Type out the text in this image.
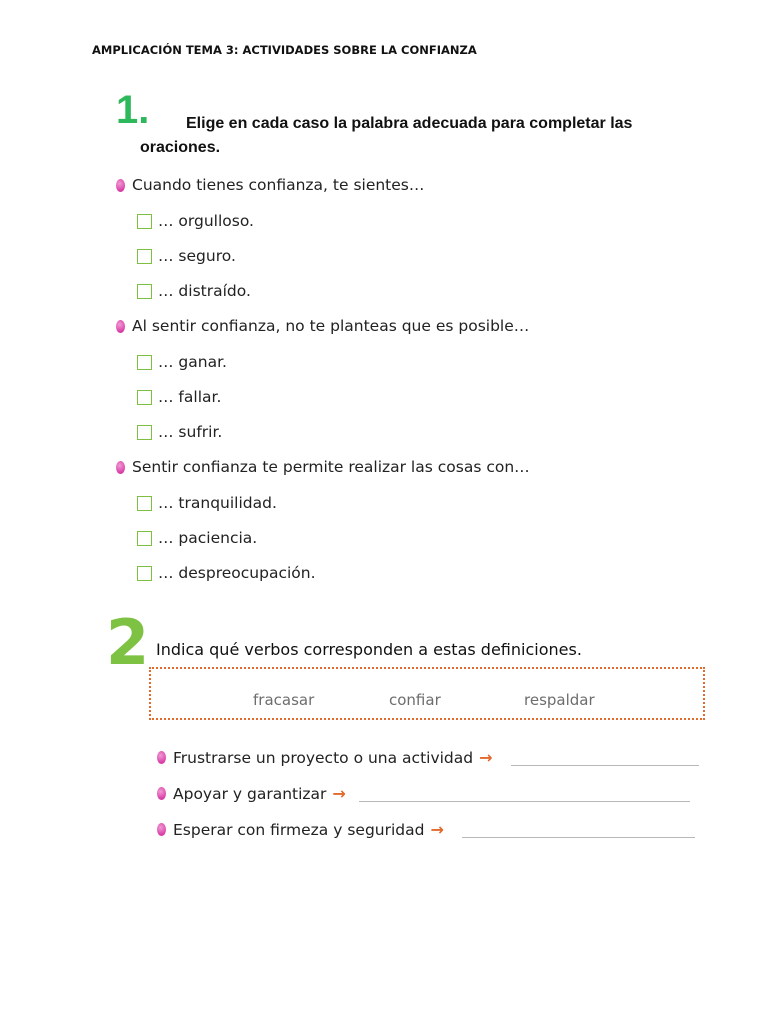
AMPLICACIÓN TEMA 3: ACTIVIDADES SOBRE LA CONFIANZA
1.	Elige en cada caso la palabra adecuada para completar las
oraciones.
Cuando tienes confianza, te sientes…
… orgulloso.
… seguro.
… distraído.
Al sentir confianza, no te planteas que es posible…
… ganar.
… fallar.
… sufrir.
Sentir confianza te permite realizar las cosas con…
… tranquilidad.
… paciencia.
… despreocupación.
2 Indica qué verbos corresponden a estas definiciones.
fracasar	confiar	respaldar
Frustrarse un proyecto o una actividad →
Apoyar y garantizar →
Esperar con firmeza y seguridad →
